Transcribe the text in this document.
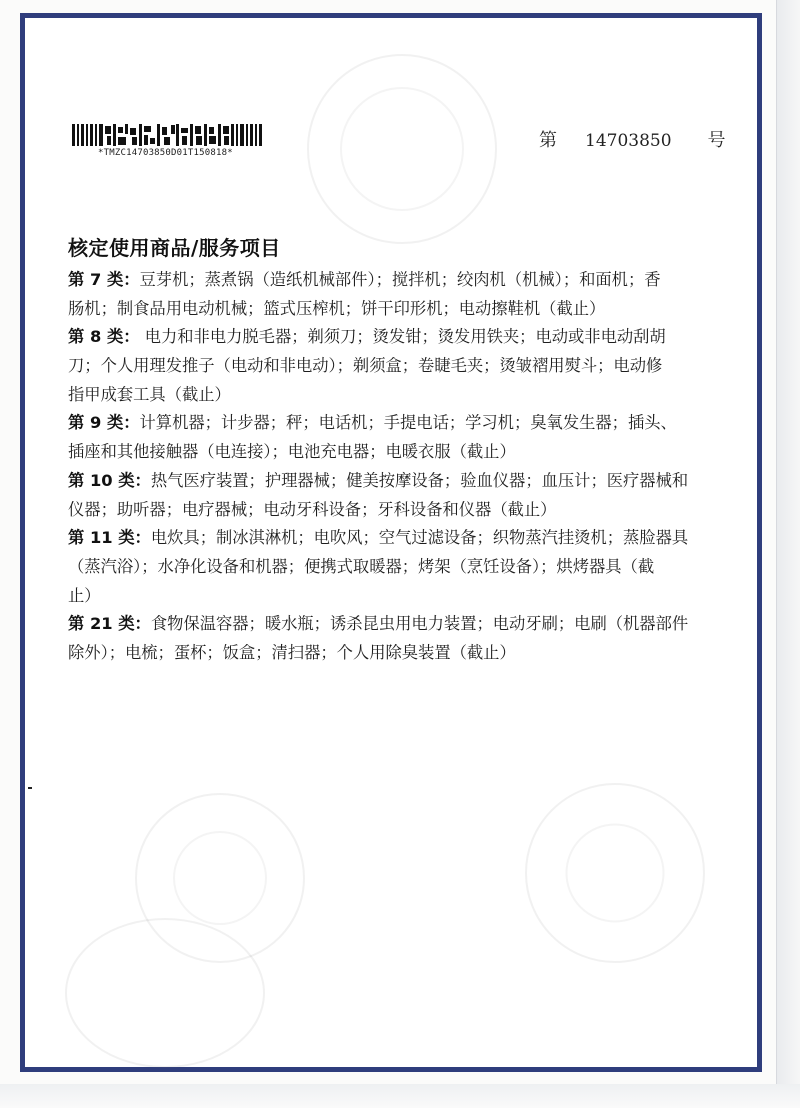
*TMZC14703850D01T150818*
第 14703850 号
核定使用商品/服务项目
第 7 类：豆芽机；蒸煮锅（造纸机械部件）；搅拌机；绞肉机（机械）；和面机；香
肠机；制食品用电动机械；篮式压榨机；饼干印形机；电动擦鞋机（截止）
第 8 类： 电力和非电力脱毛器；剃须刀；烫发钳；烫发用铁夹；电动或非电动刮胡
刀；个人用理发推子（电动和非电动）；剃须盒；卷睫毛夹；烫皱褶用熨斗；电动修
指甲成套工具（截止）
第 9 类：计算机器；计步器；秤；电话机；手提电话；学习机；臭氧发生器；插头、
插座和其他接触器（电连接）；电池充电器；电暖衣服（截止）
第 10 类：热气医疗装置；护理器械；健美按摩设备；验血仪器；血压计；医疗器械和
仪器；助听器；电疗器械；电动牙科设备；牙科设备和仪器（截止）
第 11 类：电炊具；制冰淇淋机；电吹风；空气过滤设备；织物蒸汽挂烫机；蒸脸器具
（蒸汽浴）；水净化设备和机器；便携式取暖器；烤架（烹饪设备）；烘烤器具（截
止）
第 21 类：食物保温容器；暖水瓶；诱杀昆虫用电力装置；电动牙刷；电刷（机器部件
除外）；电梳；蛋杯；饭盒；清扫器；个人用除臭装置（截止）
